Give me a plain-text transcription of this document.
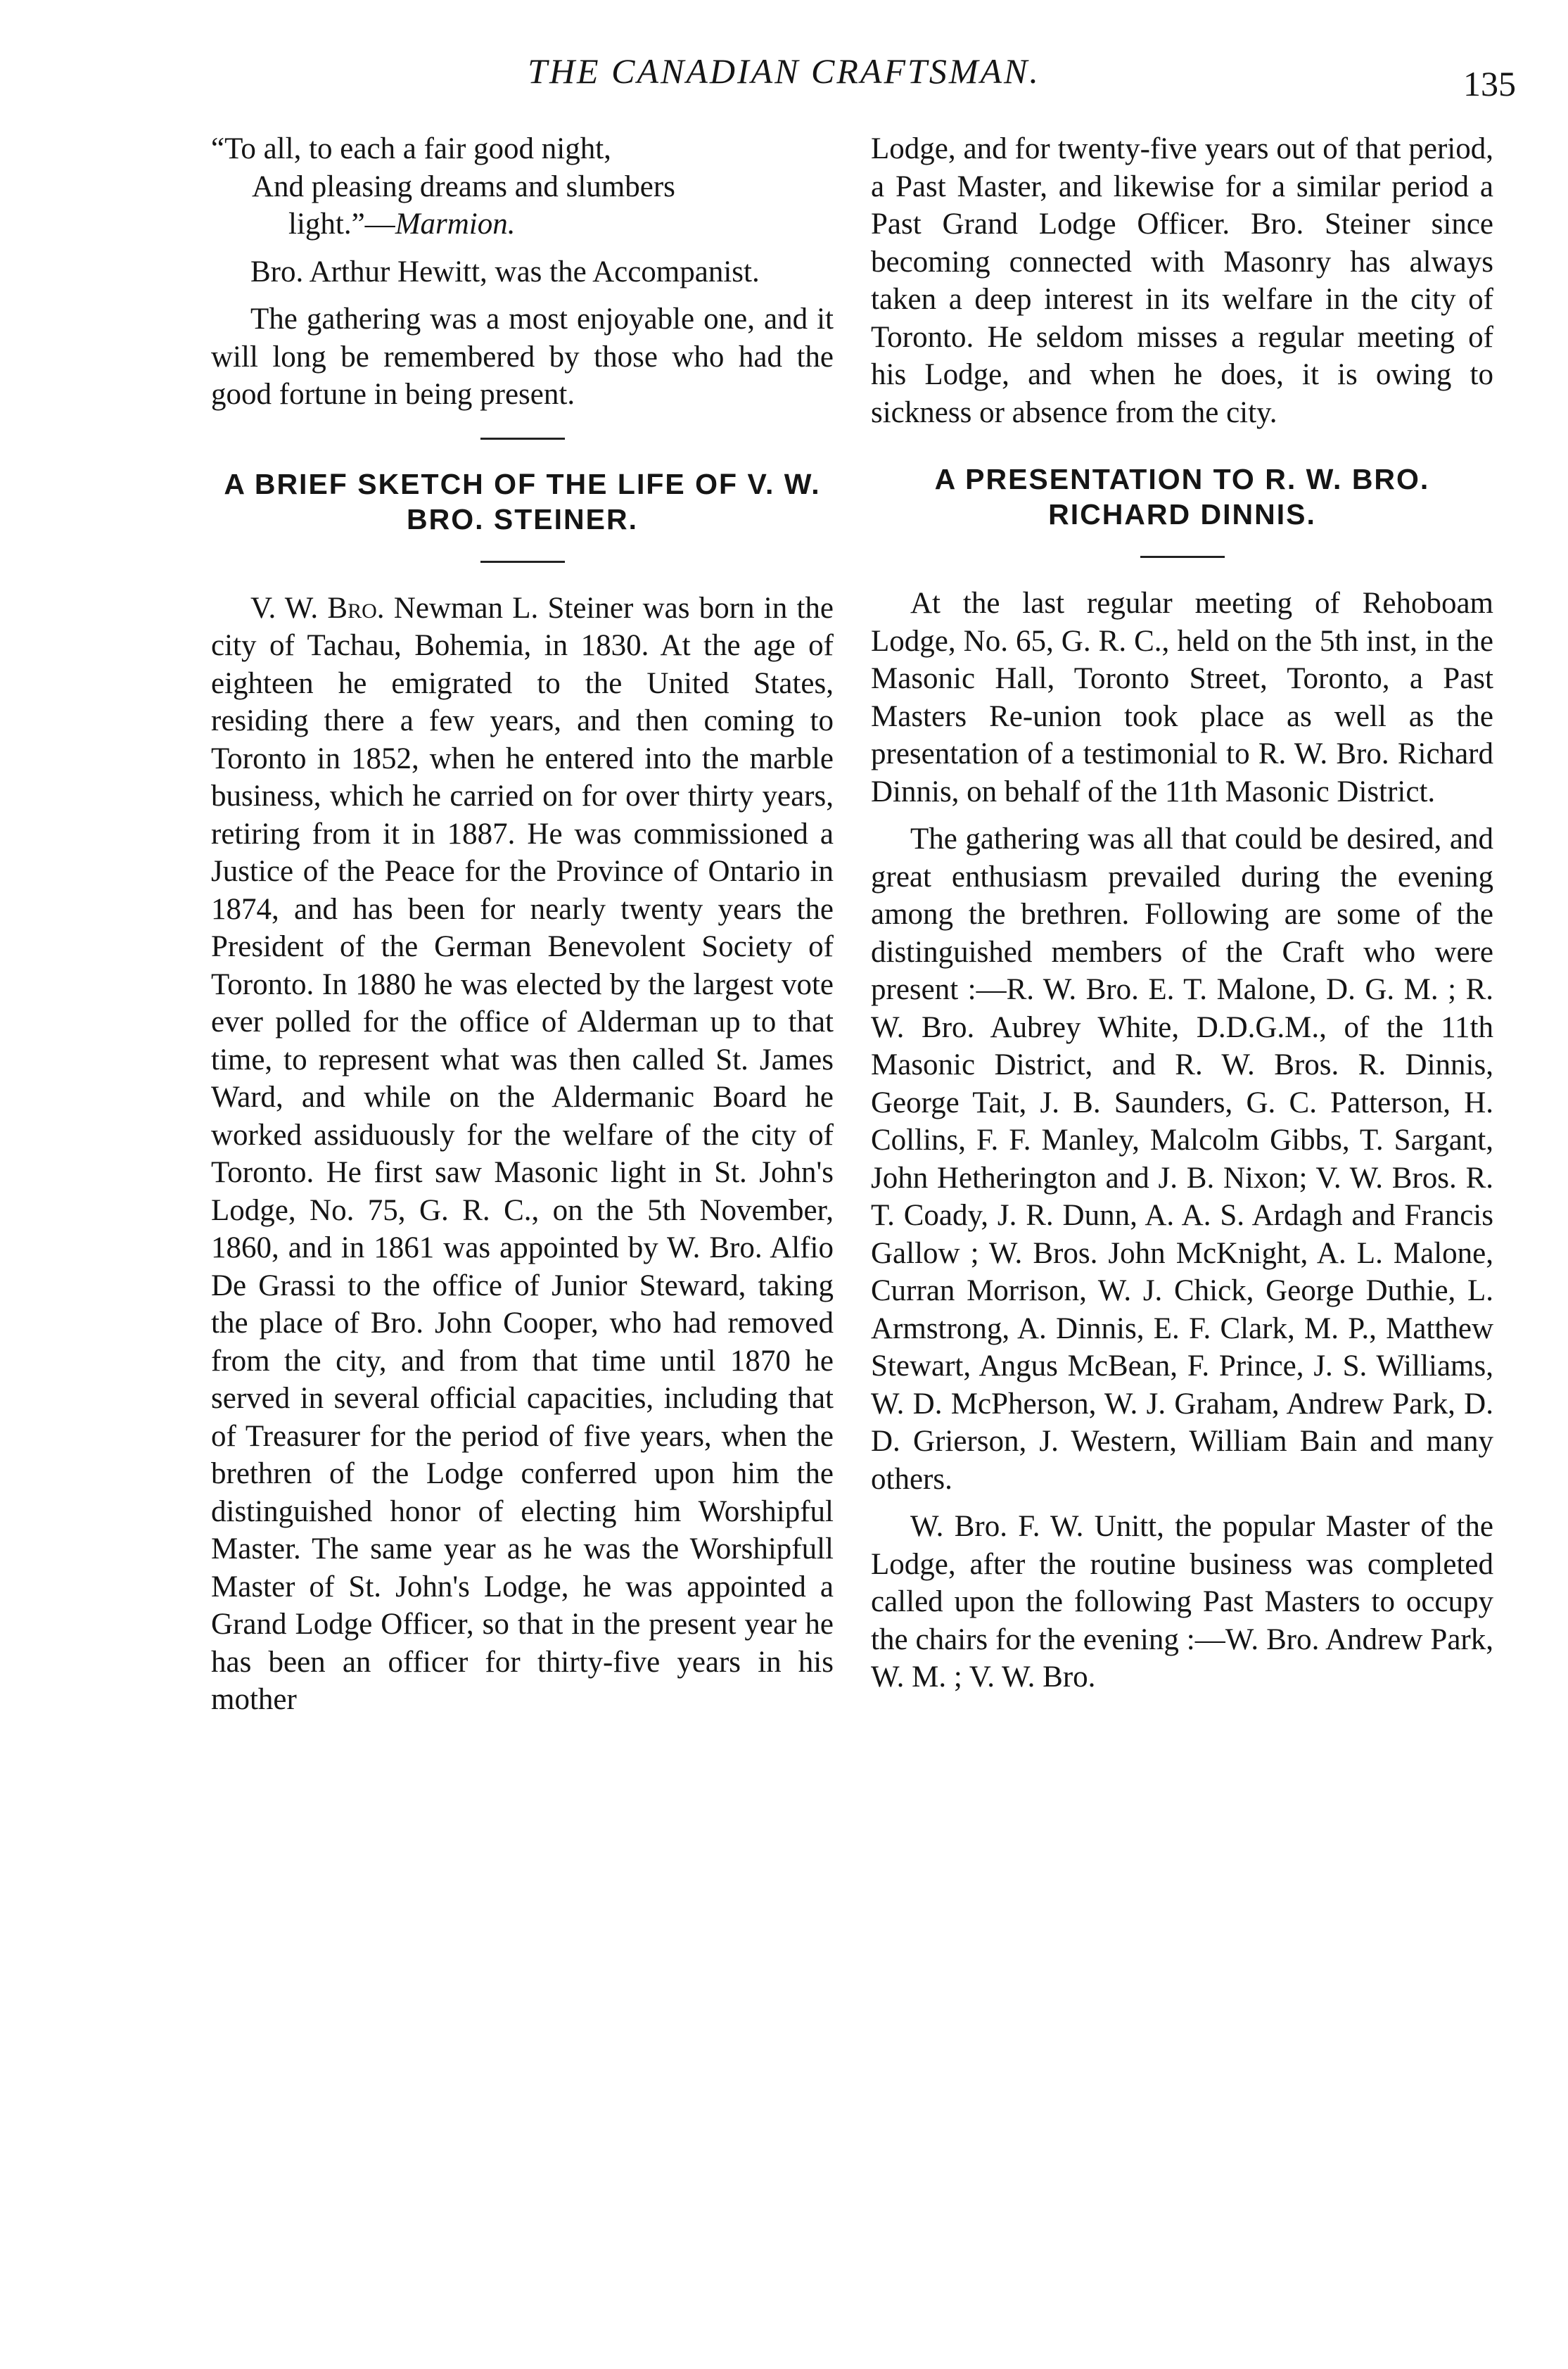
THE CANADIAN CRAFTSMAN.	135
“To all, to each a fair good night,
And pleasing dreams and slumbers
light.”—Marmion.

Bro. Arthur Hewitt, was the Accompanist.

The gathering was a most enjoyable one, and it will long be remembered by those who had the good fortune in being present.

A BRIEF SKETCH OF THE LIFE OF V. W. BRO. STEINER.

V. W. Bro. Newman L. Steiner was born in the city of Tachau, Bohemia, in 1830. At the age of eighteen he emigrated to the United States, residing there a few years, and then coming to Toronto in 1852, when he entered into the marble business, which he carried on for over thirty years, retiring from it in 1887. He was commissioned a Justice of the Peace for the Province of Ontario in 1874, and has been for nearly twenty years the President of the German Benevolent Society of Toronto. In 1880 he was elected by the largest vote ever polled for the office of Alderman up to that time, to represent what was then called St. James Ward, and while on the Aldermanic Board he worked assiduously for the welfare of the city of Toronto. He first saw Masonic light in St. John's Lodge, No. 75, G. R. C., on the 5th November, 1860, and in 1861 was appointed by W. Bro. Alfio De Grassi to the office of Junior Steward, taking the place of Bro. John Cooper, who had removed from the city, and from that time until 1870 he served in several official capacities, including that of Treasurer for the period of five years, when the brethren of the Lodge conferred upon him the distinguished honor of electing him Worshipful Master. The same year as he was the Worshipfull Master of St. John's Lodge, he was appointed a Grand Lodge Officer, so that in the present year he has been an officer for thirty-five years in his mother

Lodge, and for twenty-five years out of that period, a Past Master, and likewise for a similar period a Past Grand Lodge Officer. Bro. Steiner since becoming connected with Masonry has always taken a deep interest in its welfare in the city of Toronto. He seldom misses a regular meeting of his Lodge, and when he does, it is owing to sickness or absence from the city.

A PRESENTATION TO R. W. BRO. RICHARD DINNIS.

At the last regular meeting of Rehoboam Lodge, No. 65, G. R. C., held on the 5th inst, in the Masonic Hall, Toronto Street, Toronto, a Past Masters Re-union took place as well as the presentation of a testimonial to R. W. Bro. Richard Dinnis, on behalf of the 11th Masonic District.

The gathering was all that could be desired, and great enthusiasm prevailed during the evening among the brethren. Following are some of the distinguished members of the Craft who were present :—R. W. Bro. E. T. Malone, D. G. M. ; R. W. Bro. Aubrey White, D.D.G.M., of the 11th Masonic District, and R. W. Bros. R. Dinnis, George Tait, J. B. Saunders, G. C. Patterson, H. Collins, F. F. Manley, Malcolm Gibbs, T. Sargant, John Hetherington and J. B. Nixon; V. W. Bros. R. T. Coady, J. R. Dunn, A. A. S. Ardagh and Francis Gallow ; W. Bros. John McKnight, A. L. Malone, Curran Morrison, W. J. Chick, George Duthie, L. Armstrong, A. Dinnis, E. F. Clark, M. P., Matthew Stewart, Angus McBean, F. Prince, J. S. Williams, W. D. McPherson, W. J. Graham, Andrew Park, D. D. Grierson, J. Western, William Bain and many others.

W. Bro. F. W. Unitt, the popular Master of the Lodge, after the routine business was completed called upon the following Past Masters to occupy the chairs for the evening :—W. Bro. Andrew Park, W. M. ; V. W. Bro.
